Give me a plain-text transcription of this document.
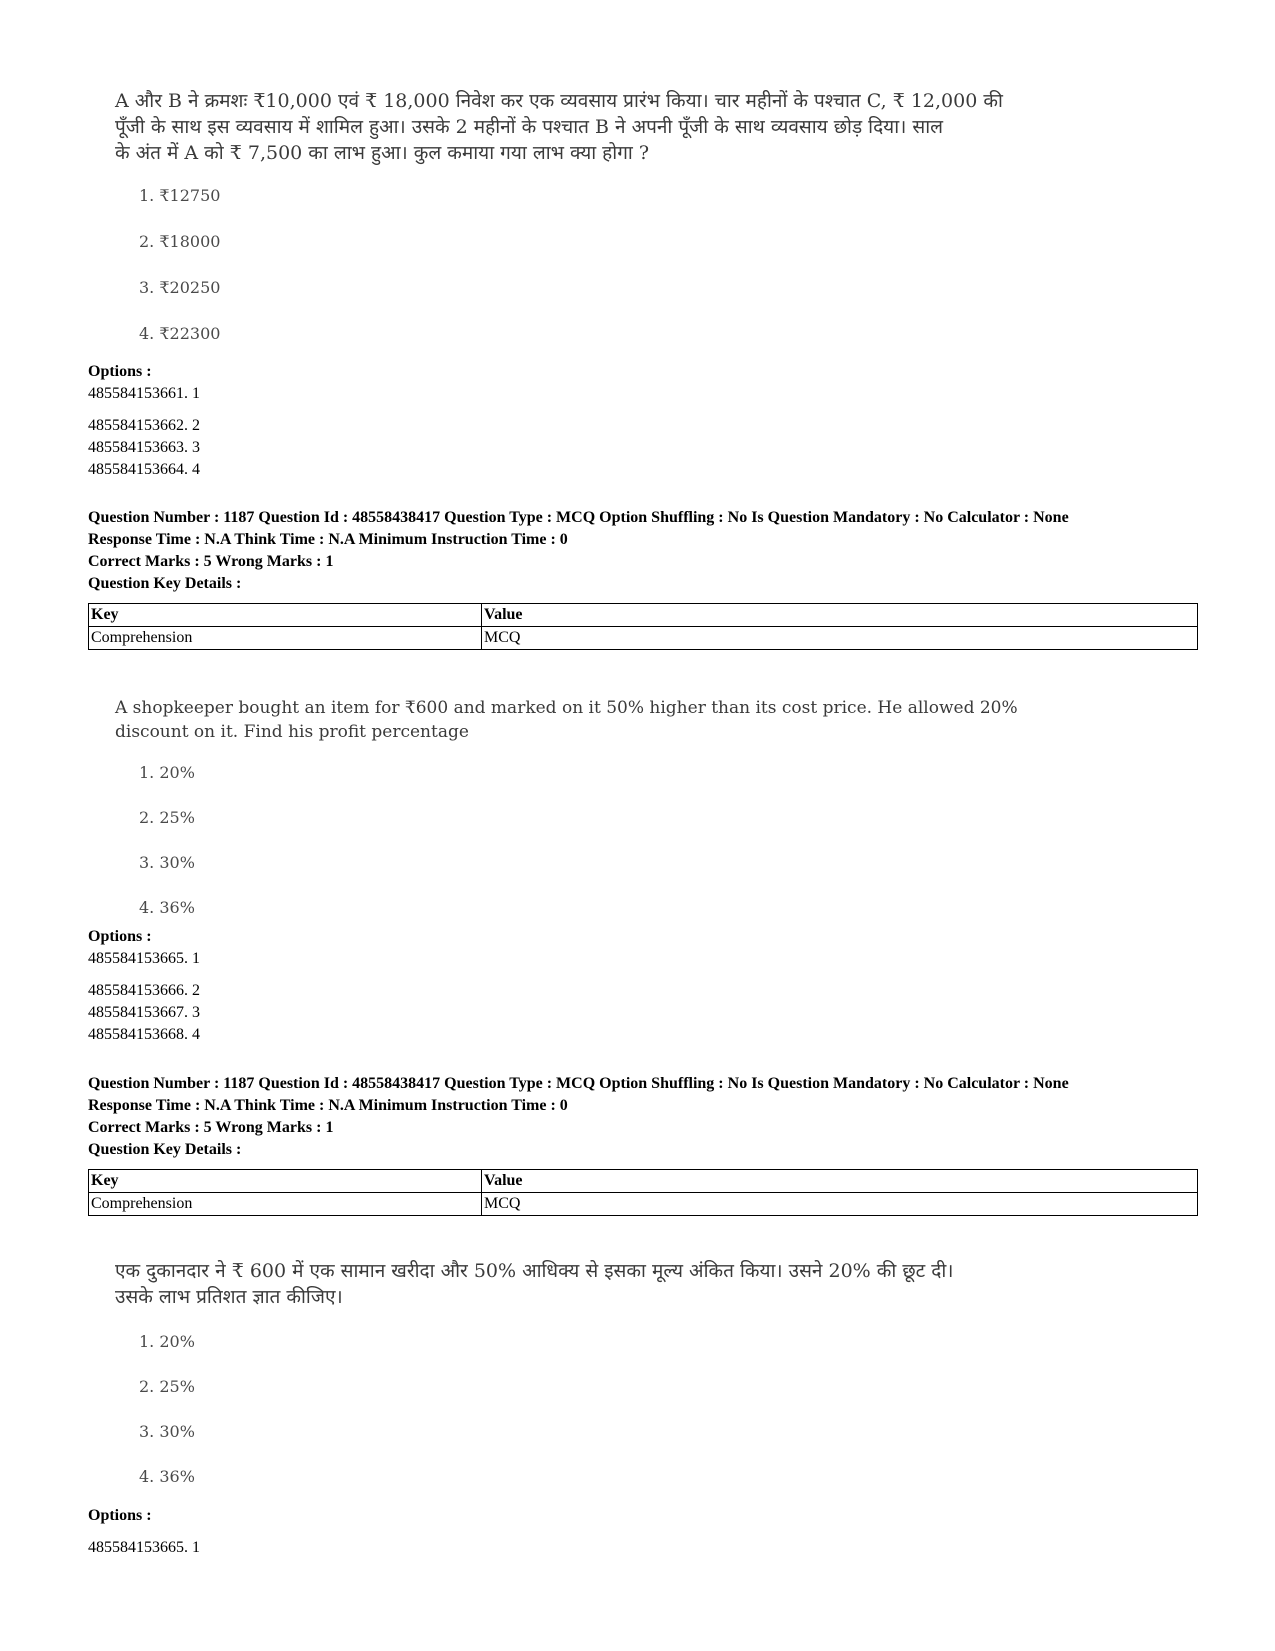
A और B ने क्रमशः ₹10,000 एवं ₹ 18,000 निवेश कर एक व्यवसाय प्रारंभ किया। चार महीनों के पश्चात C, ₹ 12,000 की

पूँजी के साथ इस व्यवसाय में शामिल हुआ। उसके 2 महीनों के पश्चात B ने अपनी पूँजी के साथ व्यवसाय छोड़ दिया। साल

के अंत में A को ₹ 7,500 का लाभ हुआ। कुल कमाया गया लाभ क्या होगा ?

1. ₹12750
2. ₹18000
3. ₹20250
4. ₹22300
Options :
485584153661. 1
485584153662. 2
485584153663. 3
485584153664. 4
Question Number : 1187 Question Id : 48558438417 Question Type : MCQ Option Shuffling : No Is Question Mandatory : No Calculator : None
Response Time : N.A Think Time : N.A Minimum Instruction Time : 0
Correct Marks : 5 Wrong Marks : 1
Question Key Details :
Key	Value
Comprehension	MCQ

A shopkeeper bought an item for ₹600 and marked on it 50% higher than its cost price. He allowed 20%

discount on it. Find his profit percentage

1. 20%
2. 25%
3. 30%
4. 36%
Options :
485584153665. 1
485584153666. 2
485584153667. 3
485584153668. 4
Question Number : 1187 Question Id : 48558438417 Question Type : MCQ Option Shuffling : No Is Question Mandatory : No Calculator : None
Response Time : N.A Think Time : N.A Minimum Instruction Time : 0
Correct Marks : 5 Wrong Marks : 1
Question Key Details :
Key	Value
Comprehension	MCQ

एक दुकानदार ने ₹ 600 में एक सामान खरीदा और 50% आधिक्य से इसका मूल्य अंकित किया। उसने 20% की छूट दी।

उसके लाभ प्रतिशत ज्ञात कीजिए।

1. 20%
2. 25%
3. 30%
4. 36%
Options :
485584153665. 1
